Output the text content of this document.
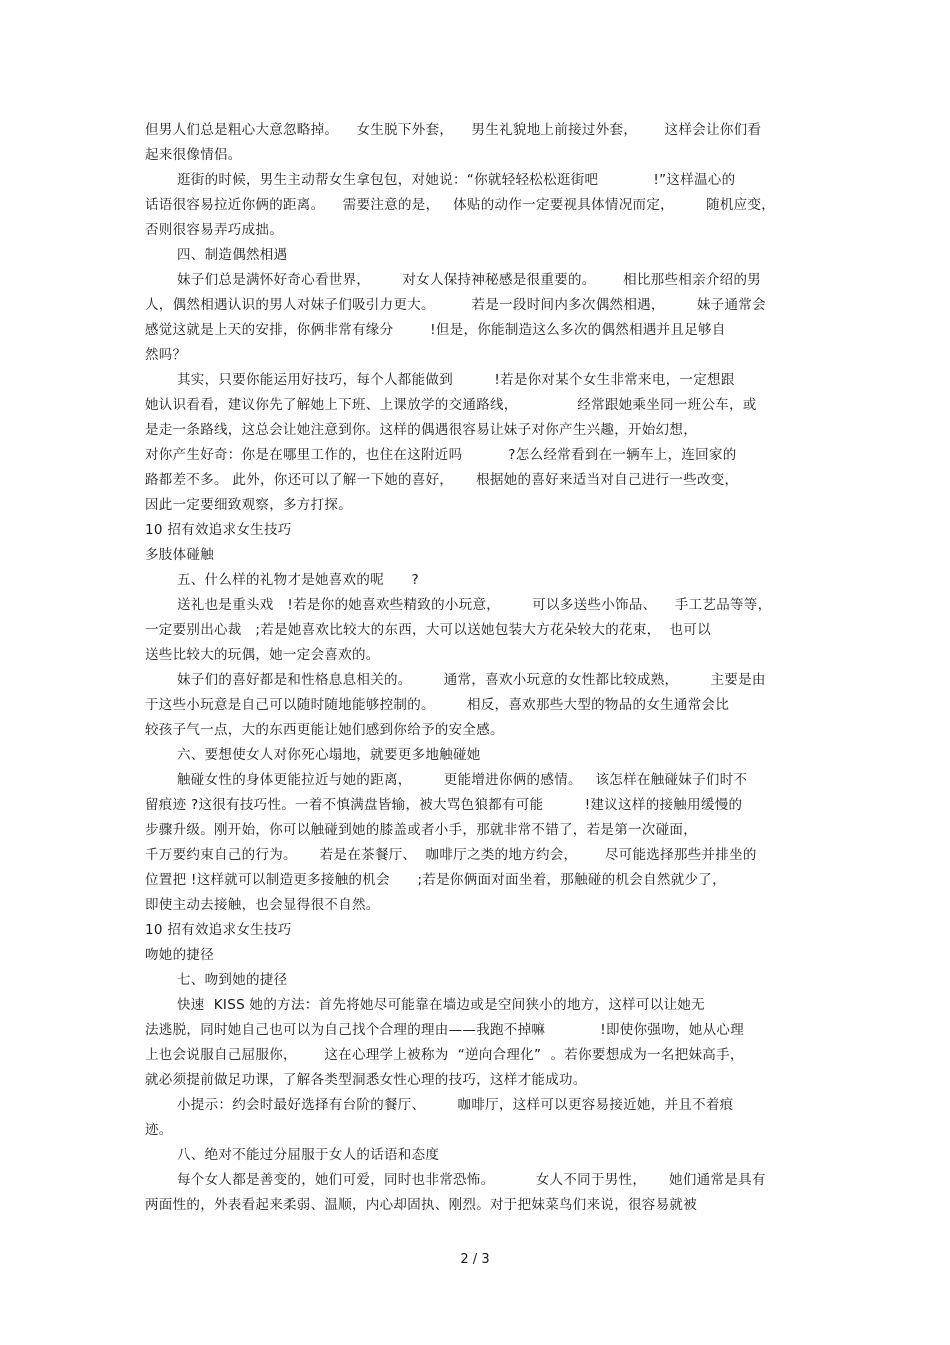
但男人们总是粗心大意忽略掉。    女生脱下外套，    男生礼貌地上前接过外套，      这样会让你们看
起来很像情侣。
逛街的时候，男生主动帮女生拿包包，对她说：“你就轻轻松松逛街吧            !”这样温心的
话语很容易拉近你俩的距离。    需要注意的是，   体贴的动作一定要视具体情况而定，       随机应变，
否则很容易弄巧成拙。
四、制造偶然相遇
妹子们总是满怀好奇心看世界，       对女人保持神秘感是很重要的。      相比那些相亲介绍的男
人，偶然相遇认识的男人对妹子们吸引力更大。        若是一段时间内多次偶然相遇，       妹子通常会
感觉这就是上天的安排，你俩非常有缘分        !但是，你能制造这么多次的偶然相遇并且足够自
然吗？
其实，只要你能运用好技巧，每个人都能做到         !若是你对某个女生非常来电，一定想跟
她认识看看，建议你先了解她上下班、上课放学的交通路线，             经常跟她乘坐同一班公车，或
是走一条路线，这总会让她注意到你。这样的偶遇很容易让妹子对你产生兴趣，开始幻想，
对你产生好奇：你是在哪里工作的，也住在这附近吗          ?怎么经常看到在一辆车上，连回家的
路都差不多。 此外，你还可以了解一下她的喜好，     根据她的喜好来适当对自己进行一些改变，
因此一定要细致观察，多方打探。
10 招有效追求女生技巧
多肢体碰触
五、什么样的礼物才是她喜欢的呢      ?
送礼也是重头戏   !若是你的她喜欢些精致的小玩意，       可以多送些小饰品、    手工艺品等等，
一定要别出心裁   ;若是她喜欢比较大的东西，大可以送她包装大方花朵较大的花束，  也可以
送些比较大的玩偶，她一定会喜欢的。
妹子们的喜好都是和性格息息相关的。       通常，喜欢小玩意的女性都比较成熟，       主要是由
于这些小玩意是自己可以随时随地能够控制的。       相反，喜欢那些大型的物品的女生通常会比
较孩子气一点，大的东西更能让她们感到你给予的安全感。
六、要想使女人对你死心塌地，就要更多地触碰她
触碰女性的身体更能拉近与她的距离，       更能增进你俩的感情。   该怎样在触碰妹子们时不
留痕迹 ?这很有技巧性。一着不慎满盘皆输，被大骂色狼都有可能         !建议这样的接触用缓慢的
步骤升级。刚开始，你可以触碰到她的膝盖或者小手，那就非常不错了，若是第一次碰面，
千万要约束自己的行为。     若是在茶餐厅、  咖啡厅之类的地方约会，      尽可能选择那些并排坐的
位置把 !这样就可以制造更多接触的机会      ;若是你俩面对面坐着，那触碰的机会自然就少了，
即使主动去接触，也会显得很不自然。
10 招有效追求女生技巧
吻她的捷径
七、吻到她的捷径
快速  KISS 她的方法：首先将她尽可能靠在墙边或是空间狭小的地方，这样可以让她无
法逃脱，同时她自己也可以为自己找个合理的理由——我跑不掉嘛            !即使你强吻，她从心理
上也会说服自己屈服你，      这在心理学上被称为  “逆向合理化”  。若你要想成为一名把妹高手，
就必须提前做足功课，了解各类型洞悉女性心理的技巧，这样才能成功。
小提示：约会时最好选择有台阶的餐厅、       咖啡厅，这样可以更容易接近她，并且不着痕
迹。
八、绝对不能过分屈服于女人的话语和态度
每个女人都是善变的，她们可爱，同时也非常恐怖。         女人不同于男性，     她们通常是具有
两面性的，外表看起来柔弱、温顺，内心却固执、刚烈。对于把妹菜鸟们来说，很容易就被
2 / 3
